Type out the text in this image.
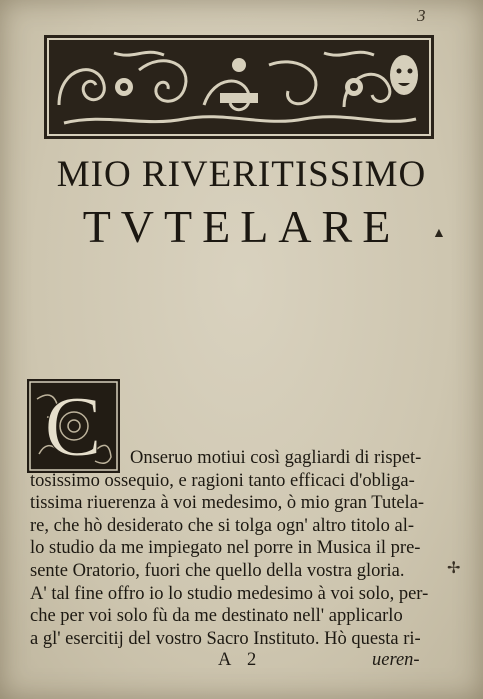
3
MIO RIVERITISSIMO
TVTELARE	▲
C	Onseruo motiui così gagliardi di rispet-
tosissimo ossequio, e ragioni tanto efficaci d'obliga-
tissima riuerenza à voi medesimo, ò mio gran Tutela-
re, che hò desiderato che si tolga ogn' altro titolo al-
lo studio da me impiegato nel porre in Musica il pre-
sente Oratorio, fuori che quello della vostra gloria.
A' tal fine offro io lo studio medesimo à voi solo, per-
che per voi solo fù da me destinato nell' applicarlo
a gl' esercitij del vostro Sacro Instituto. Hò questa ri-
✢
A 2	ueren-
